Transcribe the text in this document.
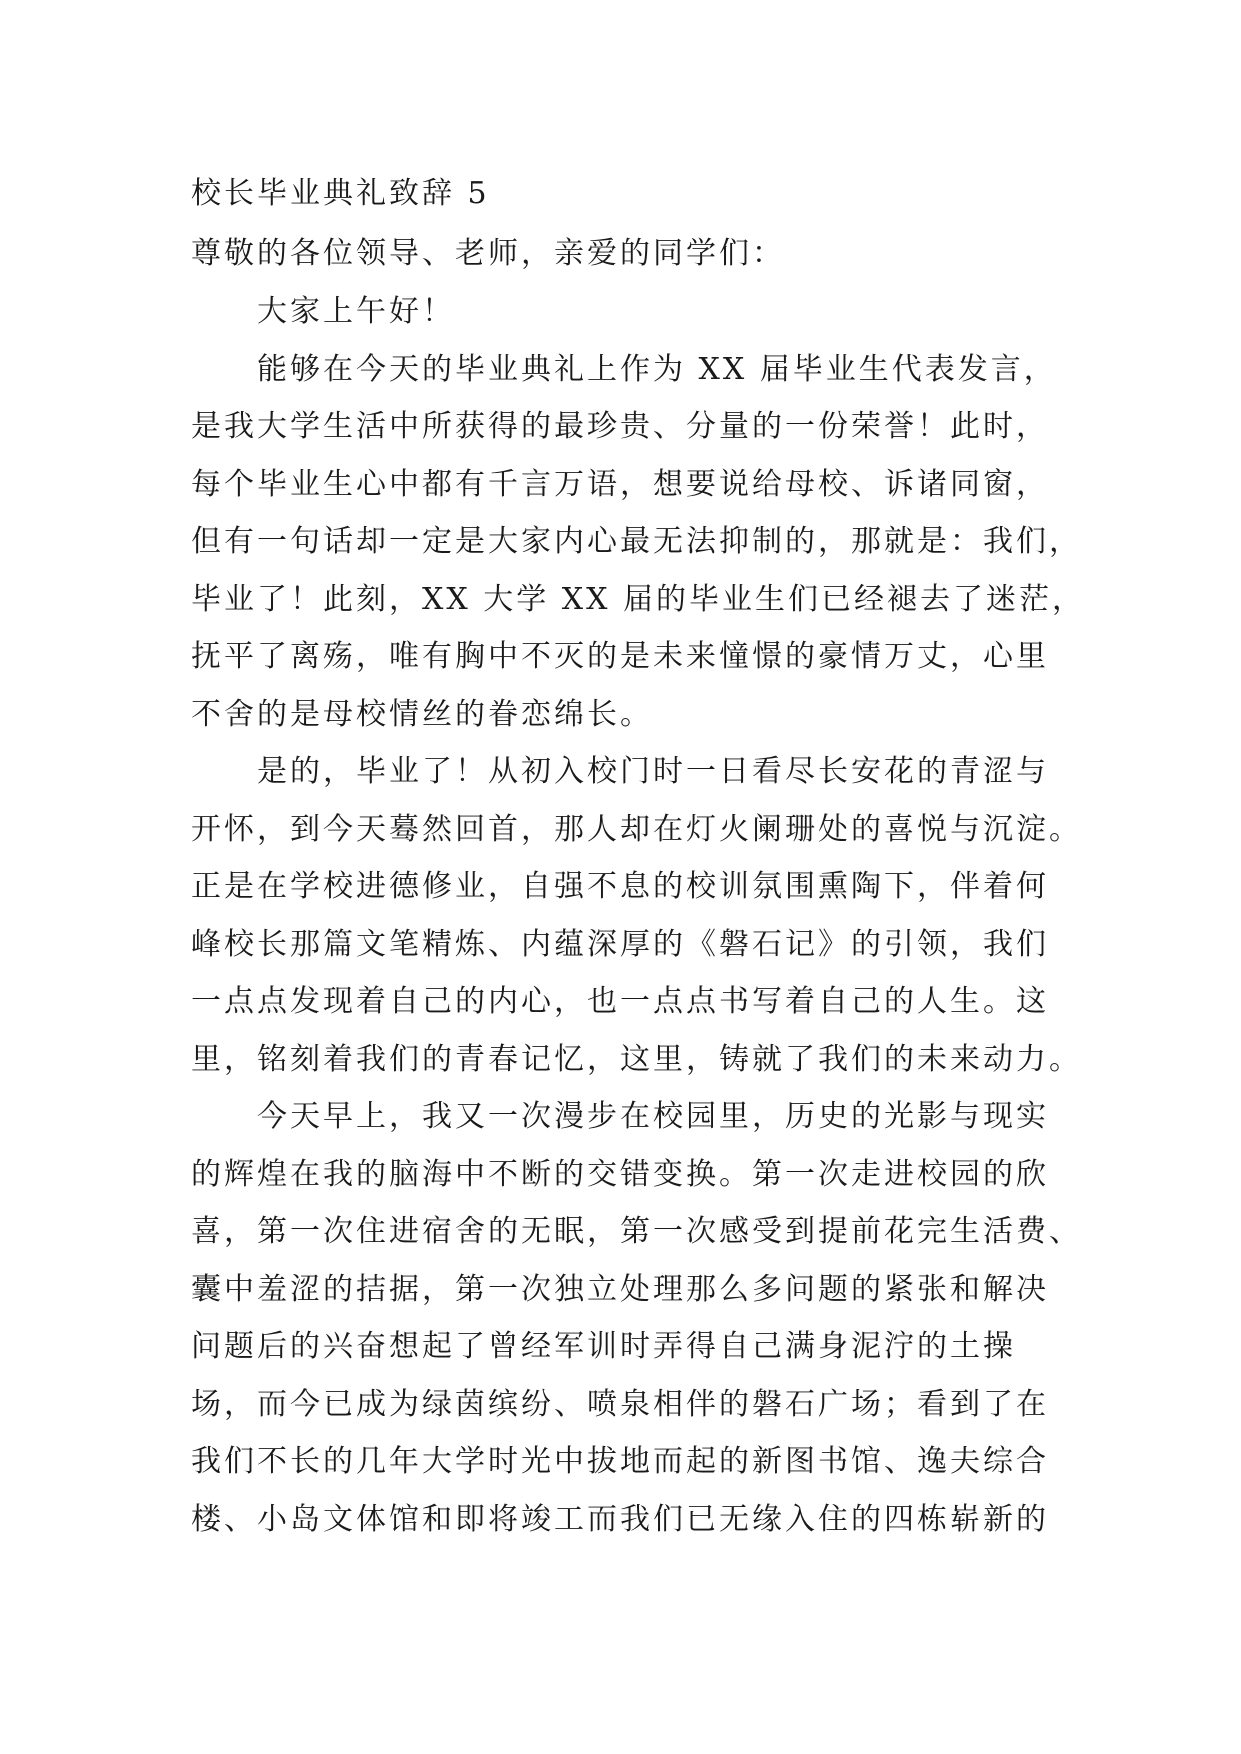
校长毕业典礼致辞 5
尊敬的各位领导、老师，亲爱的同学们：
大家上午好！
能够在今天的毕业典礼上作为 XX 届毕业生代表发言，
是我大学生活中所获得的最珍贵、分量的一份荣誉！此时，
每个毕业生心中都有千言万语，想要说给母校、诉诸同窗，
但有一句话却一定是大家内心最无法抑制的，那就是：我们，
毕业了！此刻，XX 大学 XX 届的毕业生们已经褪去了迷茫，
抚平了离殇，唯有胸中不灭的是未来憧憬的豪情万丈，心里
不舍的是母校情丝的眷恋绵长。
是的，毕业了！从初入校门时一日看尽长安花的青涩与
开怀，到今天蓦然回首，那人却在灯火阑珊处的喜悦与沉淀。
正是在学校进德修业，自强不息的校训氛围熏陶下，伴着何
峰校长那篇文笔精炼、内蕴深厚的《磐石记》的引领，我们
一点点发现着自己的内心，也一点点书写着自己的人生。这
里，铭刻着我们的青春记忆，这里，铸就了我们的未来动力。
今天早上，我又一次漫步在校园里，历史的光影与现实
的辉煌在我的脑海中不断的交错变换。第一次走进校园的欣
喜，第一次住进宿舍的无眠，第一次感受到提前花完生活费、
囊中羞涩的拮据，第一次独立处理那么多问题的紧张和解决
问题后的兴奋想起了曾经军训时弄得自己满身泥泞的土操
场，而今已成为绿茵缤纷、喷泉相伴的磐石广场；看到了在
我们不长的几年大学时光中拔地而起的新图书馆、逸夫综合
楼、小岛文体馆和即将竣工而我们已无缘入住的四栋崭新的
